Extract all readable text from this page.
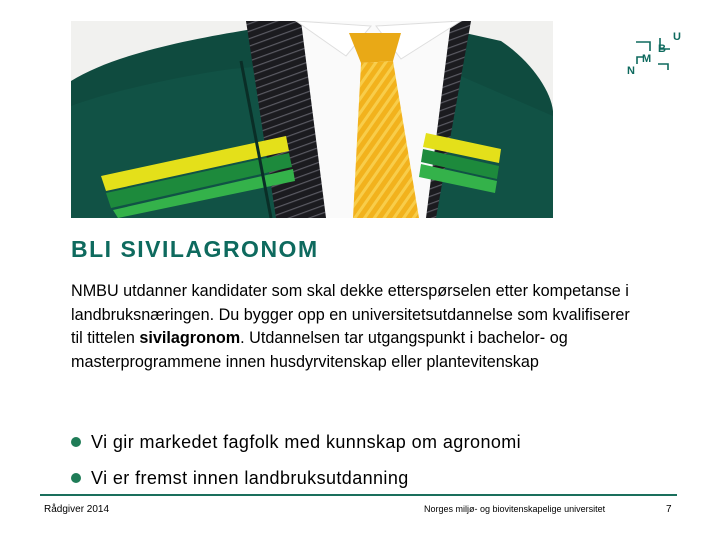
U
B
M
N
BLI SIVILAGRONOM

NMBU utdanner kandidater som skal dekke etterspørselen etter kompetanse i landbruksnæringen. Du bygger opp en universitetsutdannelse som kvalifiserer til tittelen sivilagronom. Utdannelsen tar utgangspunkt i bachelor- og masterprogrammene innen husdyrvitenskap eller plantevitenskap

Vi gir markedet fagfolk med kunnskap om agronomi
Vi er fremst innen landbruksutdanning
Rådgiver 2014	Norges miljø- og biovitenskapelige universitet	7
